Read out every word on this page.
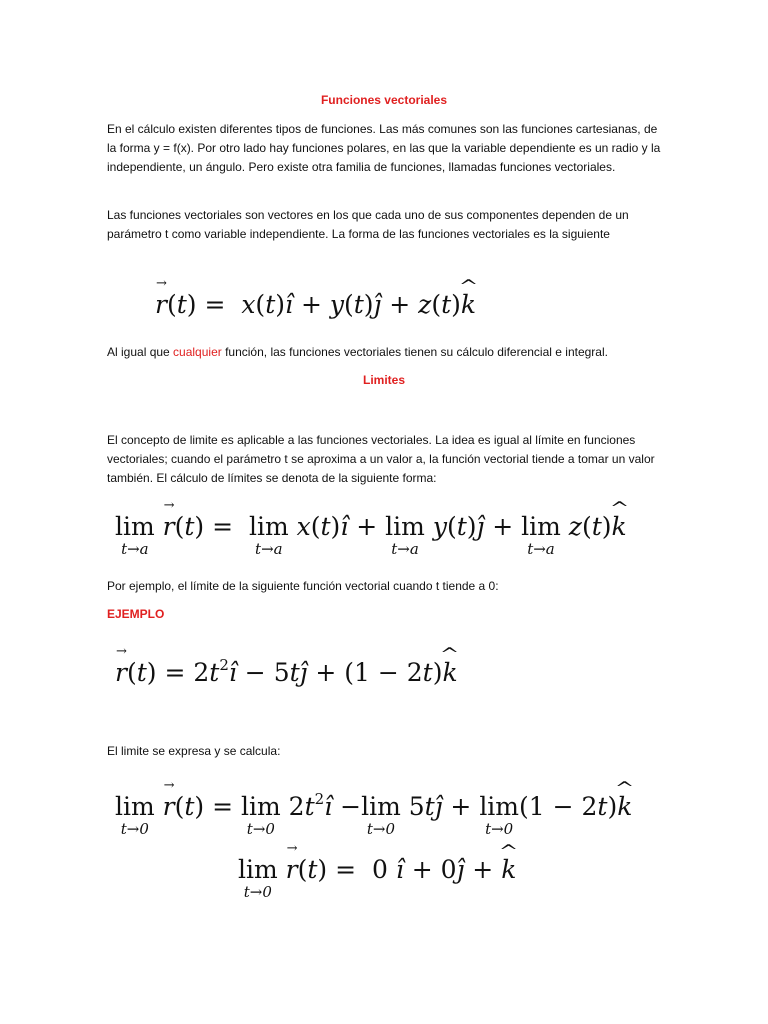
Funciones vectoriales

En el cálculo existen diferentes tipos de funciones. Las más comunes son las funciones cartesianas, de la forma y = f(x). Por otro lado hay funciones polares, en las que la variable dependiente es un radio y la independiente, un ángulo. Pero existe otra familia de funciones, llamadas funciones vectoriales.

Las funciones vectoriales son vectores en los que cada uno de sus componentes dependen de un parámetro t como variable independiente. La forma de las funciones vectoriales es la siguiente

→ r(t) =  x(t)ı̂ + y(t)ȷ̂ + z(t)^ k

Al igual que cualquier función, las funciones vectoriales tienen su cálculo diferencial e integral.

Limites

El concepto de limite es aplicable a las funciones vectoriales. La idea es igual al límite en funciones vectoriales; cuando el parámetro t se aproxima a un valor a, la función vectorial tiende a tomar un valor también. El cálculo de límites se denota de la siguiente forma:

lim
t→a
→ r(t) =  lim
t→a
x(t)ı̂ + lim
t→a
y(t)ȷ̂ + lim
t→a
z(t)^ k

Por ejemplo, el límite de la siguiente función vectorial cuando t tiende a 0:

EJEMPLO

→ $r(t) = 2t^2ı̂$ − 5tȷ̂ + (1 − 2t)^ k

El limite se expresa y se calcula:

lim
t→0
→ r(t) = lim
t→0
$2t^2ı̂ -\lim$
t→0
5tȷ̂ + lim
t→0
(1 − 2t)^ k
lim
t→0
→ r(t) =  0 ı̂ + 0ȷ̂ + ^ k
